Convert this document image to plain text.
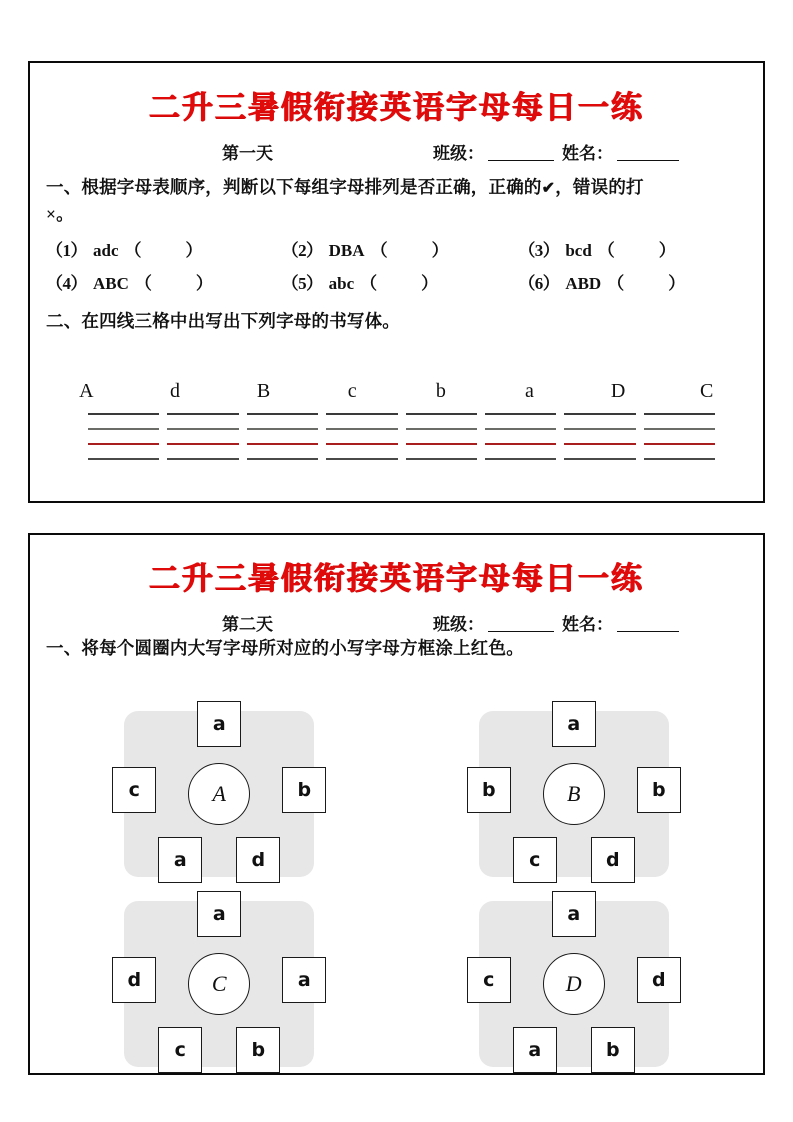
二升三暑假衔接英语字母每日一练
第一天	班级：	姓名：
一、根据字母表顺序，判断以下每组字母排列是否正确，正确的✔，错误的打
×。
（1） adc （	）	（2） DBA （	）	（3） bcd （	）
（4） ABC （	）	（5） abc （	）	（6） ABD （	）
二、在四线三格中出写出下列字母的书写体。
A	d	B	c	b	a	D	C
二升三暑假衔接英语字母每日一练
第二天	班级：	姓名：
一、将每个圆圈内大写字母所对应的小写字母方框涂上红色。
a
c	b
a	d
A
a
b	b
c	d
B
a
d	a
c	b
C
a
c	d
a	b
D
